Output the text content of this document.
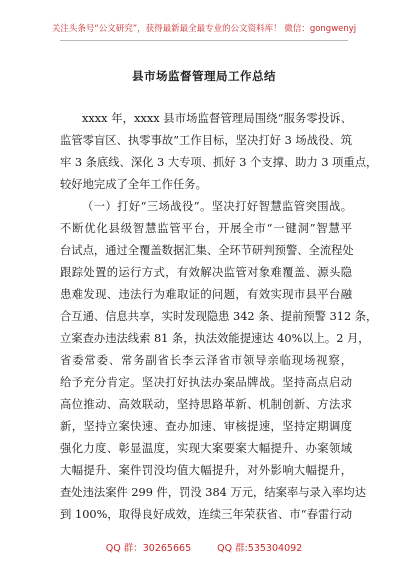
关注头条号“公文研究”，获得最新最全最专业的公文资料库！ 微信：gongwenyj
县市场监督管理局工作总结
xxxx 年，xxxx 县市场监督管理局围绕“服务零投诉、
监管零盲区、执零事故”工作目标，坚决打好 3 场战役、筑
牢 3 条底线、深化 3 大专项、抓好 3 个支撑、助力 3 项重点，
较好地完成了全年工作任务。
（一）打好“三场战役”。坚决打好智慧监管突围战。
不断优化县级智慧监管平台，开展全市“一键洞”智慧平
台试点，通过全覆盖数据汇集、全环节研判预警、全流程处
跟踪处置的运行方式，有效解决监管对象难覆盖、源头隐
患难发现、违法行为难取证的问题，有效实现市县平台融
合互通、信息共享，实时发现隐患 342 条、提前预警 312 条，
立案查办违法线索 81 条，执法效能提速达 40%以上。2 月，
省委常委、常务副省长李云泽省市领导亲临现场视察，
给予充分肯定。坚决打好执法办案品牌战。坚持高点启动
高位推动、高效联动，坚持思路革新、机制创新、方法求
新，坚持立案快速、查办加速、审核提速，坚持定期调度
强化力度、彰显温度，实现大案要案大幅提升、办案领域
大幅提升、案件罚没均值大幅提升，对外影响大幅提升，
查处违法案件 299 件，罚没 384 万元，结案率与录入率均达
到 100%，取得良好成效，连续三年荣获省、市“春雷行动
QQ 群：30265665	QQ 群:535304092
